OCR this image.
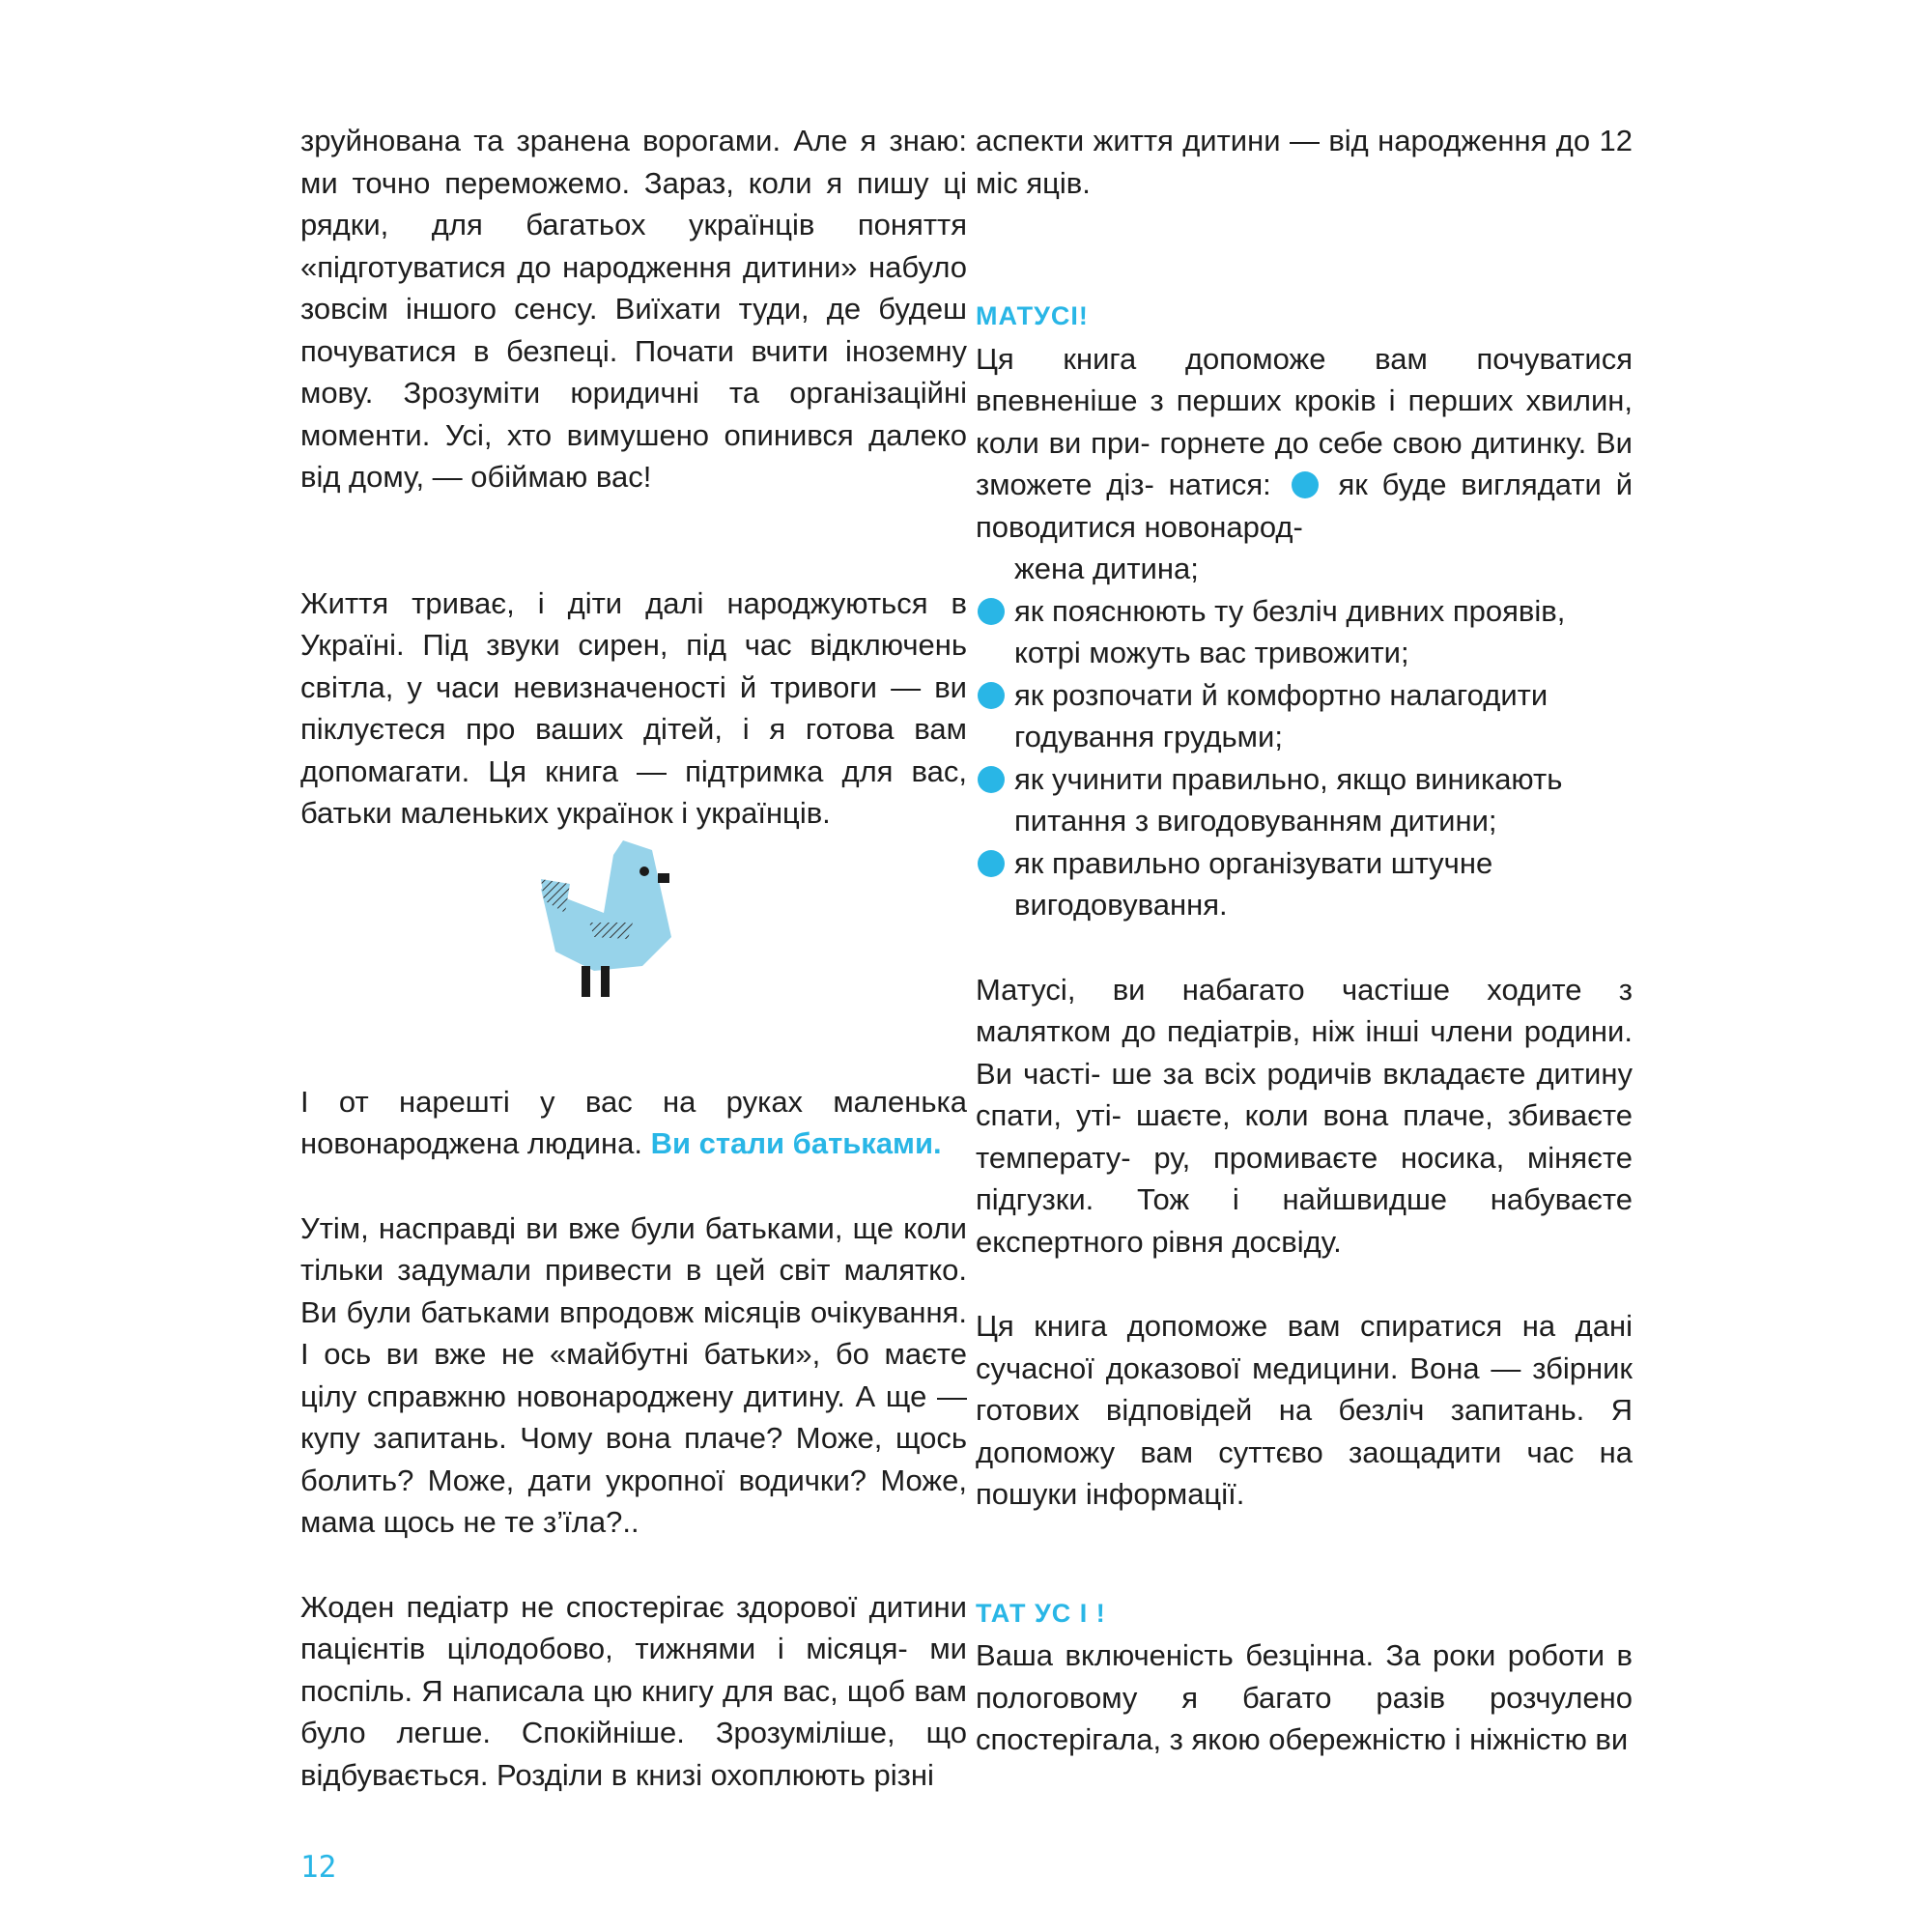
зруйнована та зранена ворогами. Але я знаю: ми точно переможемо. Зараз, коли я пишу ці рядки, для багатьох українців поняття «підготуватися до народження дитини» набуло зовсім іншого сенсу. Виїхати туди, де будеш почуватися в безпеці. Почати вчити іноземну мову. Зрозуміти юридичні та організаційні моменти. Усі, хто вимушено опинився далеко від дому, — обіймаю вас!

Життя триває, і діти далі народжуються в Україні. Під звуки сирен, під час відключень світла, у часи невизначеності й тривоги — ви піклуєтеся про ваших дітей, і я готова вам допомагати. Ця книга — підтримка для вас, батьки маленьких українок і українців.

І от нарешті у вас на руках маленька новонароджена людина. Ви стали батьками.

Утім, насправді ви вже були батьками, ще коли тільки задумали привести в цей світ малятко. Ви були батьками впродовж місяців очікування. І ось ви вже не «майбутні батьки», бо маєте цілу справжню новонароджену дитину. А ще — купу запитань. Чому вона плаче? Може, щось болить? Може, дати укропної водички? Може, мама щось не те з’їла?..

Жоден педіатр не спостерігає здорової дитини пацієнтів цілодобово, тижнями і місяця- ми поспіль. Я написала цю книгу для вас, щоб вам було легше. Спокійніше. Зрозуміліше, що відбувається. Розділи в книзі охоплюють різні

аспекти життя дитини — від народження до 12 міс яців.

МАТУСІ!

Ця книга допоможе вам почуватися впевненіше з перших кроків і перших хвилин, коли ви при- горнете до себе свою дитинку. Ви зможете діз- натися: як буде виглядати й поводитися новонарод-

жена дитина;

як пояснюють ту безліч дивних проявів, котрі можуть вас тривожити;
як розпочати й комфортно налагодити годування грудьми;
як учинити правильно, якщо виникають питання з вигодовуванням дитини;
як правильно організувати штучне вигодовування.

Матусі, ви набагато частіше ходите з малятком до педіатрів, ніж інші члени родини. Ви часті- ше за всіх родичів вкладаєте дитину спати, уті- шаєте, коли вона плаче, збиваєте температу- ру, промиваєте носика, міняєте підгузки. Тож і найшвидше набуваєте експертного рівня досвіду.

Ця книга допоможе вам спиратися на дані сучасної доказової медицини. Вона — збірник готових відповідей на безліч запитань. Я допоможу вам суттєво заощадити час на пошуки інформації.

ТАТ УС І !

Ваша включеність безцінна. За роки роботи в пологовому я багато разів розчулено спостерігала, з якою обережністю і ніжністю ви

12
